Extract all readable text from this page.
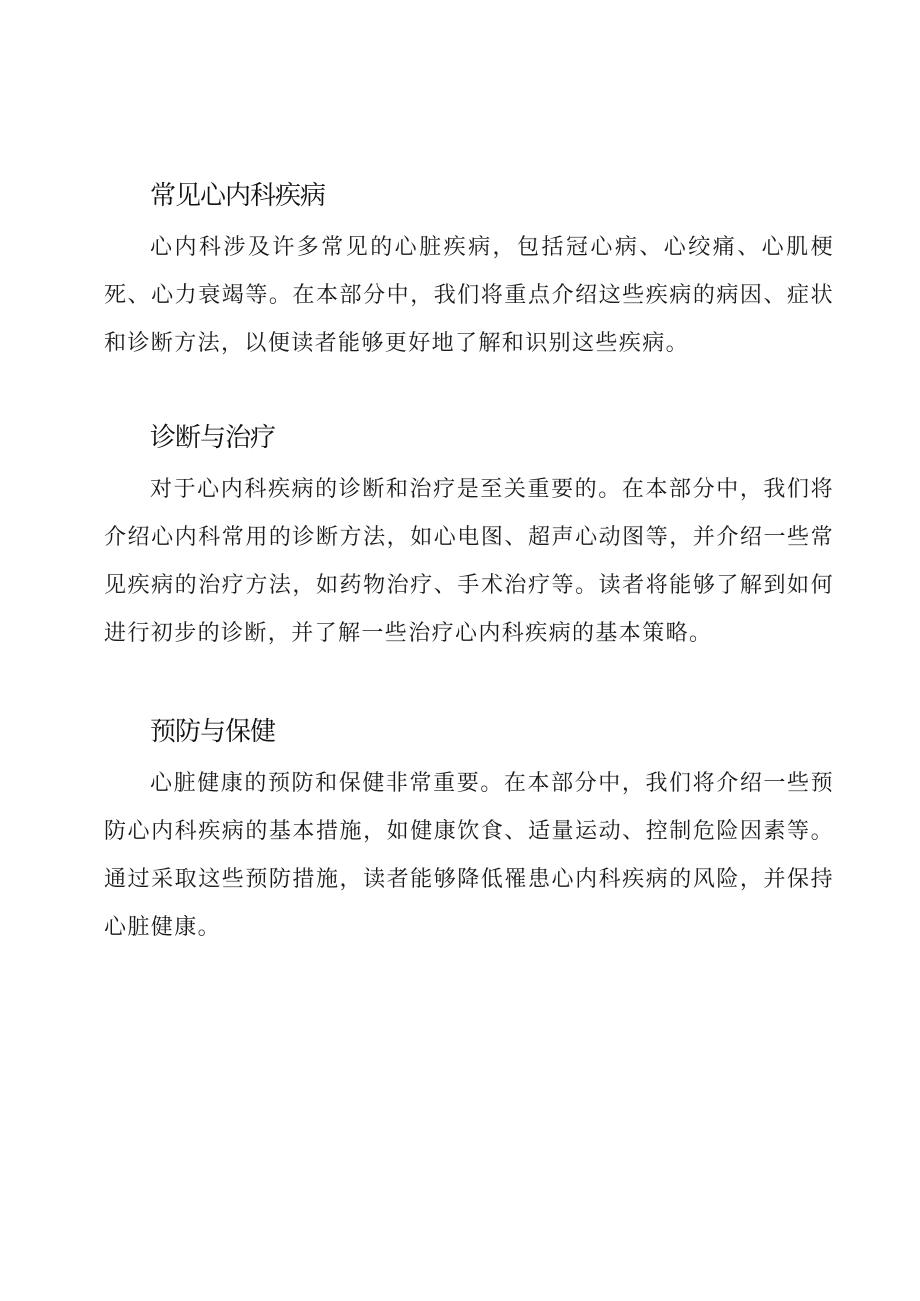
常见心内科疾病

心内科涉及许多常见的心脏疾病，包括冠心病、心绞痛、心肌梗死、心力衰竭等。在本部分中，我们将重点介绍这些疾病的病因、症状和诊断方法，以便读者能够更好地了解和识别这些疾病。

诊断与治疗

对于心内科疾病的诊断和治疗是至关重要的。在本部分中，我们将介绍心内科常用的诊断方法，如心电图、超声心动图等，并介绍一些常见疾病的治疗方法，如药物治疗、手术治疗等。读者将能够了解到如何进行初步的诊断，并了解一些治疗心内科疾病的基本策略。

预防与保健

心脏健康的预防和保健非常重要。在本部分中，我们将介绍一些预防心内科疾病的基本措施，如健康饮食、适量运动、控制危险因素等。通过采取这些预防措施，读者能够降低罹患心内科疾病的风险，并保持心脏健康。
